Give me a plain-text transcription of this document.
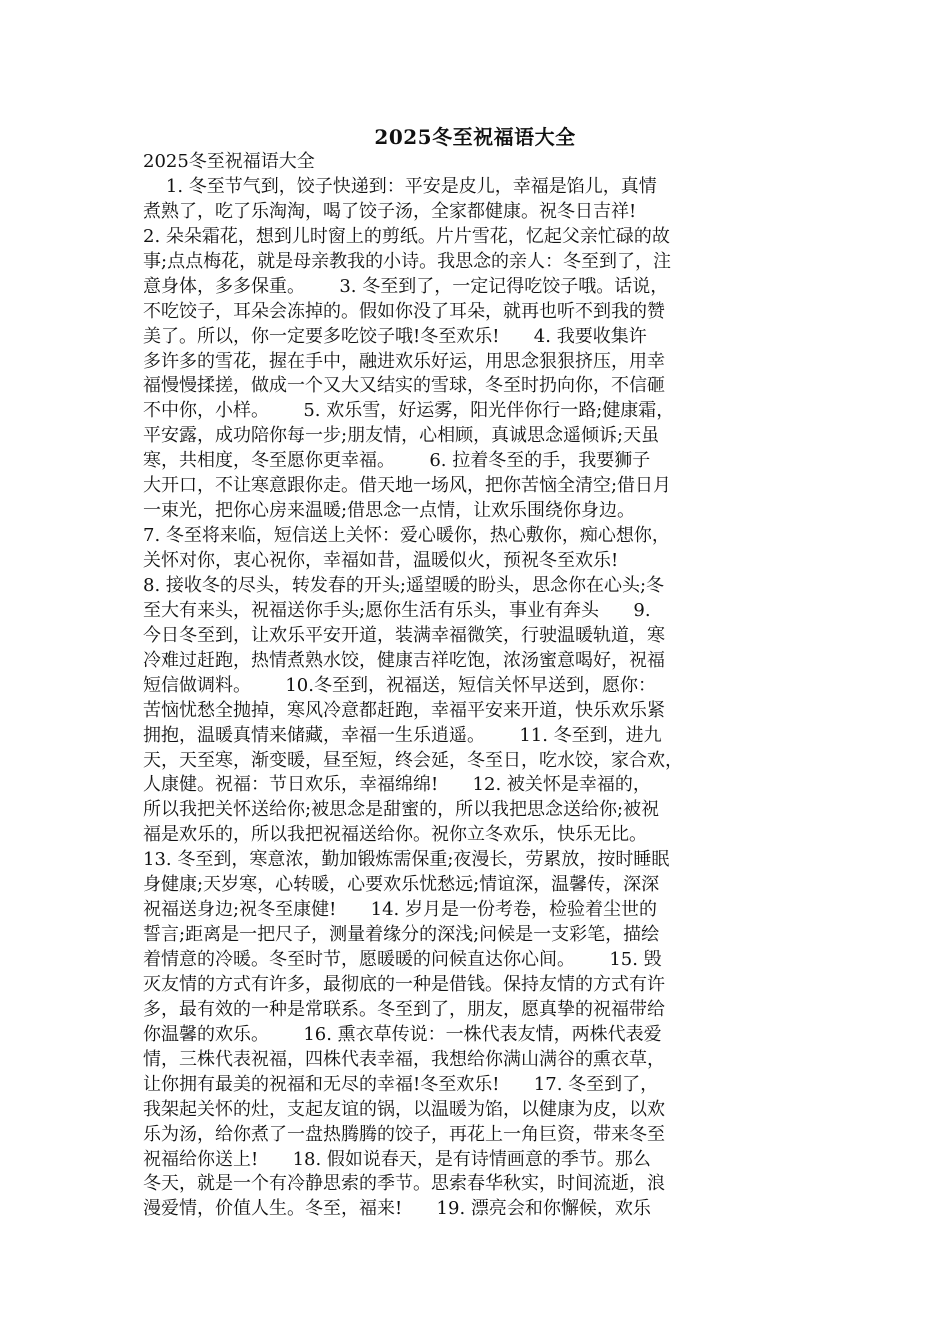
2025冬至祝福语大全
2025冬至祝福语大全
1. 冬至节气到，饺子快递到：平安是皮儿，幸福是馅儿，真情
煮熟了，吃了乐淘淘，喝了饺子汤，全家都健康。祝冬日吉祥!
2. 朵朵霜花，想到儿时窗上的剪纸。片片雪花，忆起父亲忙碌的故
事;点点梅花，就是母亲教我的小诗。我思念的亲人：冬至到了，注
意身体，多多保重。      3. 冬至到了，一定记得吃饺子哦。话说，
不吃饺子，耳朵会冻掉的。假如你没了耳朵，就再也听不到我的赞
美了。所以，你一定要多吃饺子哦!冬至欢乐!      4. 我要收集许
多许多的雪花，握在手中，融进欢乐好运，用思念狠狠挤压，用幸
福慢慢揉搓，做成一个又大又结实的雪球，冬至时扔向你，不信砸
不中你，小样。      5. 欢乐雪，好运雾，阳光伴你行一路;健康霜，
平安露，成功陪你每一步;朋友情，心相顾，真诚思念遥倾诉;天虽
寒，共相度，冬至愿你更幸福。      6. 拉着冬至的手，我要狮子
大开口，不让寒意跟你走。借天地一场风，把你苦恼全清空;借日月
一束光，把你心房来温暖;借思念一点情，让欢乐围绕你身边。
7. 冬至将来临，短信送上关怀：爱心暖你，热心敷你，痴心想你，
关怀对你，衷心祝你，幸福如昔，温暖似火，预祝冬至欢乐!
8. 接收冬的尽头，转发春的开头;遥望暖的盼头，思念你在心头;冬
至大有来头，祝福送你手头;愿你生活有乐头，事业有奔头      9.
今日冬至到，让欢乐平安开道，装满幸福微笑，行驶温暖轨道，寒
冷难过赶跑，热情煮熟水饺，健康吉祥吃饱，浓汤蜜意喝好，祝福
短信做调料。      10.冬至到，祝福送，短信关怀早送到，愿你：
苦恼忧愁全抛掉，寒风冷意都赶跑，幸福平安来开道，快乐欢乐紧
拥抱，温暖真情来储藏，幸福一生乐逍遥。      11. 冬至到，进九
天，天至寒，渐变暖，昼至短，终会延，冬至日，吃水饺，家合欢，
人康健。祝福：节日欢乐，幸福绵绵!      12. 被关怀是幸福的，
所以我把关怀送给你;被思念是甜蜜的，所以我把思念送给你;被祝
福是欢乐的，所以我把祝福送给你。祝你立冬欢乐，快乐无比。
13. 冬至到，寒意浓，勤加锻炼需保重;夜漫长，劳累放，按时睡眠
身健康;天岁寒，心转暖，心要欢乐忧愁远;情谊深，温馨传，深深
祝福送身边;祝冬至康健!      14. 岁月是一份考卷，检验着尘世的
誓言;距离是一把尺子，测量着缘分的深浅;问候是一支彩笔，描绘
着情意的冷暖。冬至时节，愿暖暖的问候直达你心间。      15. 毁
灭友情的方式有许多，最彻底的一种是借钱。保持友情的方式有许
多，最有效的一种是常联系。冬至到了，朋友，愿真挚的祝福带给
你温馨的欢乐。      16. 熏衣草传说：一株代表友情，两株代表爱
情，三株代表祝福，四株代表幸福，我想给你满山满谷的熏衣草，
让你拥有最美的祝福和无尽的幸福!冬至欢乐!      17. 冬至到了，
我架起关怀的灶，支起友谊的锅，以温暖为馅，以健康为皮，以欢
乐为汤，给你煮了一盘热腾腾的饺子，再花上一角巨资，带来冬至
祝福给你送上!      18. 假如说春天，是有诗情画意的季节。那么
冬天，就是一个有冷静思索的季节。思索春华秋实，时间流逝，浪
漫爱情，价值人生。冬至，福来!      19. 漂亮会和你懈候，欢乐
